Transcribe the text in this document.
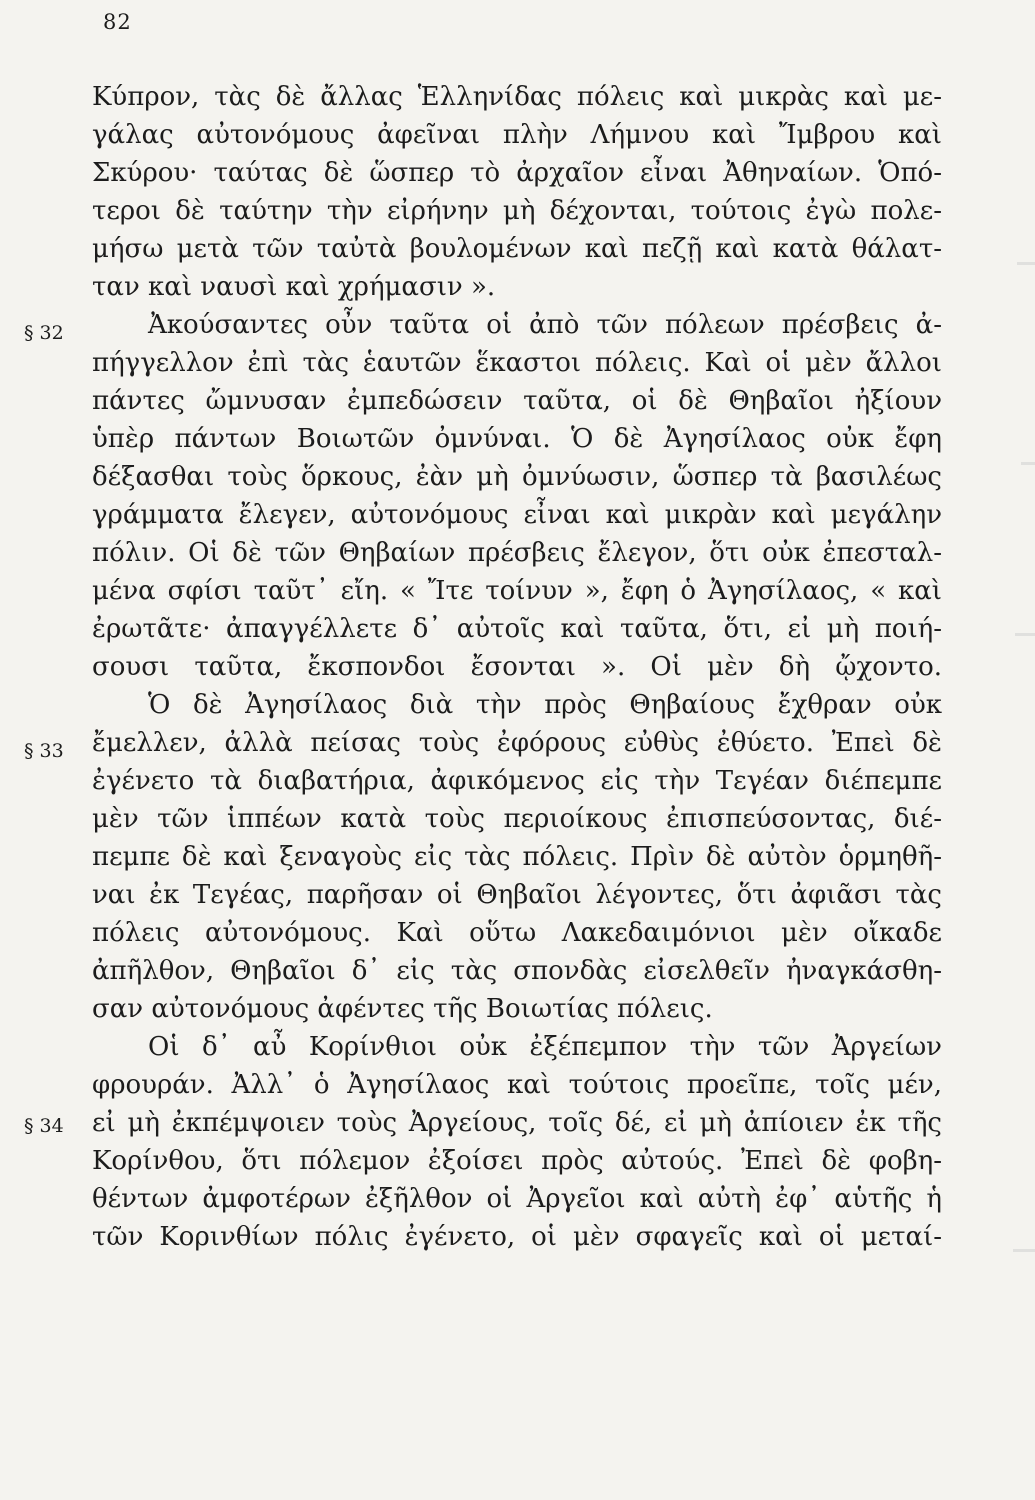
82
§ 32
§ 33
§ 34
Κύπρον, τὰς δὲ ἄλλας Ἑλληνίδας πόλεις καὶ μικρὰς καὶ με-
γάλας αὐτονόμους ἀφεῖναι πλὴν Λήμνου καὶ Ἴμβρου καὶ
Σκύρου· ταύτας δὲ ὥσπερ τὸ ἀρχαῖον εἶναι Ἀθηναίων. Ὁπό-
τεροι δὲ ταύτην τὴν εἰρήνην μὴ δέχονται, τούτοις ἐγὼ πολε-
μήσω μετὰ τῶν ταὐτὰ βουλομένων καὶ πεζῇ καὶ κατὰ θάλατ-
ταν καὶ ναυσὶ καὶ χρήμασιν ».
Ἀκούσαντες οὖν ταῦτα οἱ ἀπὸ τῶν πόλεων πρέσβεις ἀ-
πήγγελλον ἐπὶ τὰς ἑαυτῶν ἕκαστοι πόλεις. Καὶ οἱ μὲν ἄλλοι
πάντες ὤμνυσαν ἐμπεδώσειν ταῦτα, οἱ δὲ Θηβαῖοι ἠξίουν
ὑπὲρ πάντων Βοιωτῶν ὀμνύναι. Ὁ δὲ Ἀγησίλαος οὐκ ἔφη
δέξασθαι τοὺς ὅρκους, ἐὰν μὴ ὀμνύωσιν, ὥσπερ τὰ βασιλέως
γράμματα ἔλεγεν, αὐτονόμους εἶναι καὶ μικρὰν καὶ μεγάλην
πόλιν. Οἱ δὲ τῶν Θηβαίων πρέσβεις ἔλεγον, ὅτι οὐκ ἐπεσταλ-
μένα σφίσι ταῦτ᾽ εἴη. « Ἴτε τοίνυν », ἔφη ὁ Ἀγησίλαος, « καὶ
ἐρωτᾶτε· ἀπαγγέλλετε δ᾽ αὐτοῖς καὶ ταῦτα, ὅτι, εἰ μὴ ποιή-
σουσι ταῦτα, ἔκσπονδοι ἔσονται ». Οἱ μὲν δὴ ᾤχοντο.
Ὁ δὲ Ἀγησίλαος διὰ τὴν πρὸς Θηβαίους ἔχθραν οὐκ
ἔμελλεν, ἀλλὰ πείσας τοὺς ἐφόρους εὐθὺς ἐθύετο. Ἐπεὶ δὲ
ἐγένετο τὰ διαβατήρια, ἀφικόμενος εἰς τὴν Τεγέαν διέπεμπε
μὲν τῶν ἱππέων κατὰ τοὺς περιοίκους ἐπισπεύσοντας, διέ-
πεμπε δὲ καὶ ξεναγοὺς εἰς τὰς πόλεις. Πρὶν δὲ αὐτὸν ὁρμηθῆ-
ναι ἐκ Τεγέας, παρῆσαν οἱ Θηβαῖοι λέγοντες, ὅτι ἀφιᾶσι τὰς
πόλεις αὐτονόμους. Καὶ οὕτω Λακεδαιμόνιοι μὲν οἴκαδε
ἀπῆλθον, Θηβαῖοι δ᾽ εἰς τὰς σπονδὰς εἰσελθεῖν ἠναγκάσθη-
σαν αὐτονόμους ἀφέντες τῆς Βοιωτίας πόλεις.
Οἱ δ᾽ αὖ Κορίνθιοι οὐκ ἐξέπεμπον τὴν τῶν Ἀργείων
φρουράν. Ἀλλ᾽ ὁ Ἀγησίλαος καὶ τούτοις προεῖπε, τοῖς μέν,
εἰ μὴ ἐκπέμψοιεν τοὺς Ἀργείους, τοῖς δέ, εἰ μὴ ἀπίοιεν ἐκ τῆς
Κορίνθου, ὅτι πόλεμον ἐξοίσει πρὸς αὐτούς. Ἐπεὶ δὲ φοβη-
θέντων ἀμφοτέρων ἐξῆλθον οἱ Ἀργεῖοι καὶ αὐτὴ ἐφ᾽ αὑτῆς ἡ
τῶν Κορινθίων πόλις ἐγένετο, οἱ μὲν σφαγεῖς καὶ οἱ μεταί-
